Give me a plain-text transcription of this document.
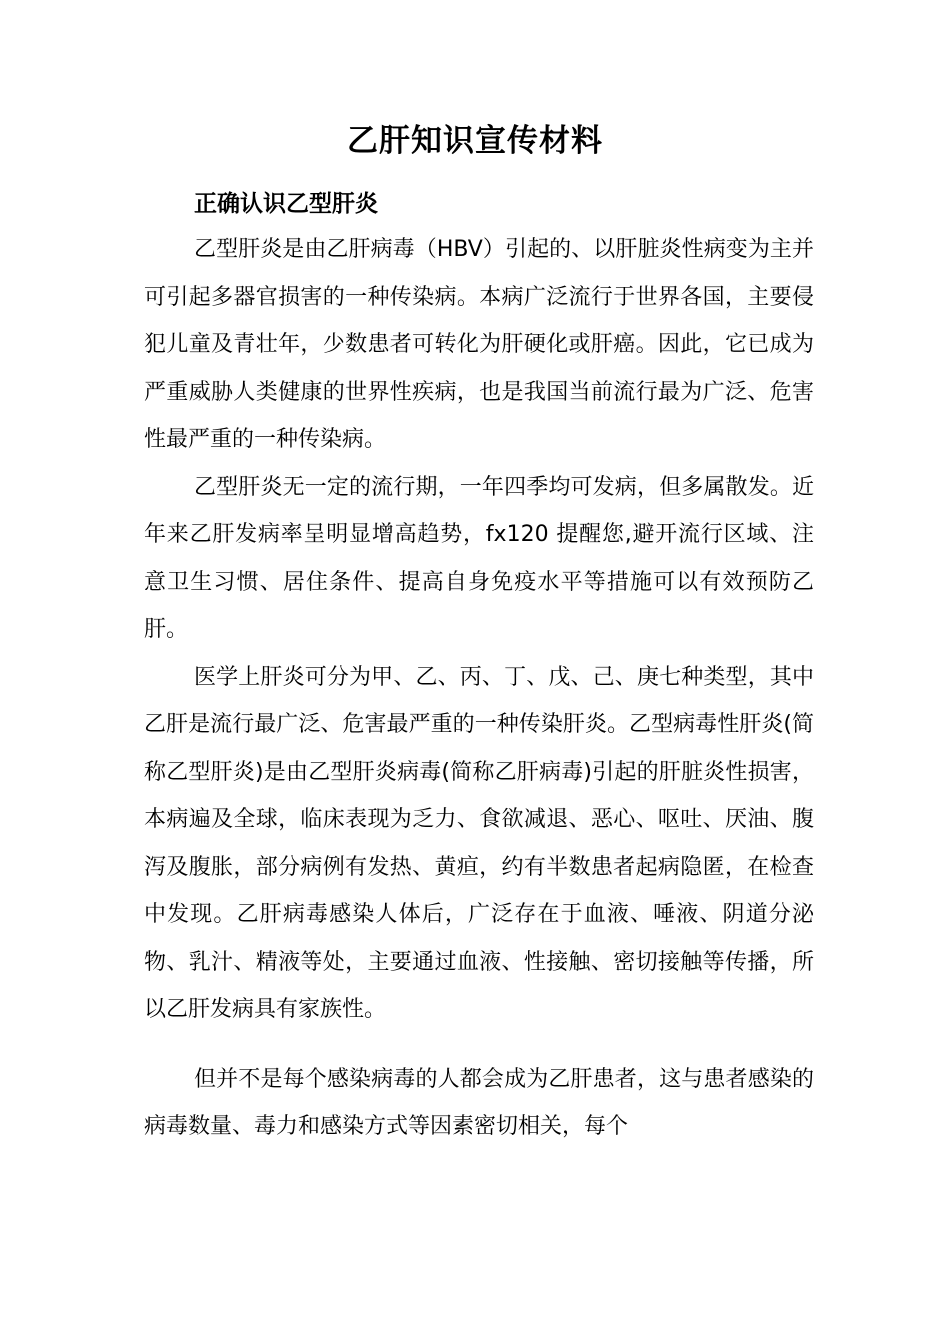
乙肝知识宣传材料
正确认识乙型肝炎

乙型肝炎是由乙肝病毒（HBV）引起的、以肝脏炎性病变为主并可引起多器官损害的一种传染病。本病广泛流行于世界各国，主要侵犯儿童及青壮年，少数患者可转化为肝硬化或肝癌。因此，它已成为严重威胁人类健康的世界性疾病，也是我国当前流行最为广泛、危害性最严重的一种传染病。

乙型肝炎无一定的流行期，一年四季均可发病，但多属散发。近年来乙肝发病率呈明显增高趋势，fx120 提醒您,避开流行区域、注意卫生习惯、居住条件、提高自身免疫水平等措施可以有效预防乙肝。

医学上肝炎可分为甲、乙、丙、丁、戊、己、庚七种类型，其中乙肝是流行最广泛、危害最严重的一种传染肝炎。乙型病毒性肝炎(简称乙型肝炎)是由乙型肝炎病毒(简称乙肝病毒)引起的肝脏炎性损害，本病遍及全球，临床表现为乏力、食欲减退、恶心、呕吐、厌油、腹泻及腹胀，部分病例有发热、黄疸，约有半数患者起病隐匿，在检查中发现。乙肝病毒感染人体后，广泛存在于血液、唾液、阴道分泌物、乳汁、精液等处，主要通过血液、性接触、密切接触等传播，所以乙肝发病具有家族性。

但并不是每个感染病毒的人都会成为乙肝患者，这与患者感染的病毒数量、毒力和感染方式等因素密切相关，每个
